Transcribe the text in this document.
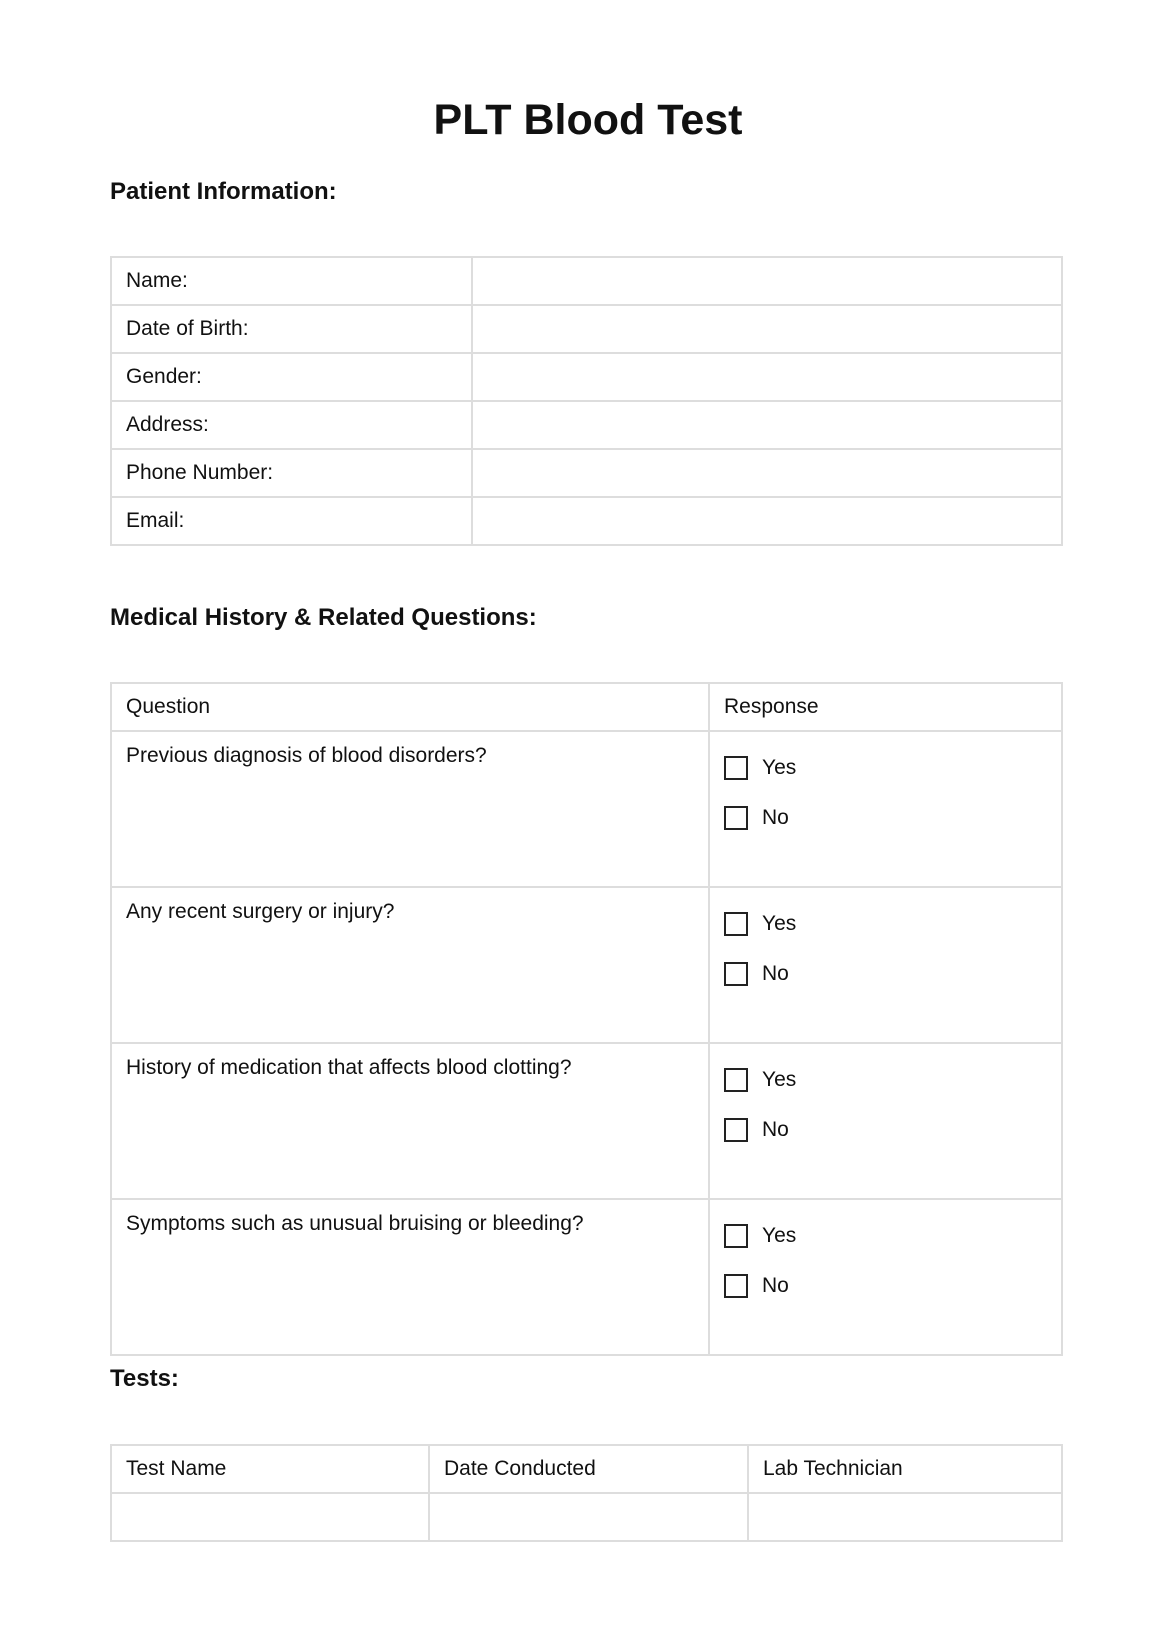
PLT Blood Test
Patient Information:
Name:	
Date of Birth:	
Gender:	
Address:	
Phone Number:	
Email:	
Medical History & Related Questions:
Question	Response
Previous diagnosis of blood disorders?	Yes
No

Any recent surgery or injury?	Yes
No

History of medication that affects blood clotting?	Yes
No

Symptoms such as unusual bruising or bleeding?	Yes
No
Tests:
Test Name	Date Conducted	Lab Technician
